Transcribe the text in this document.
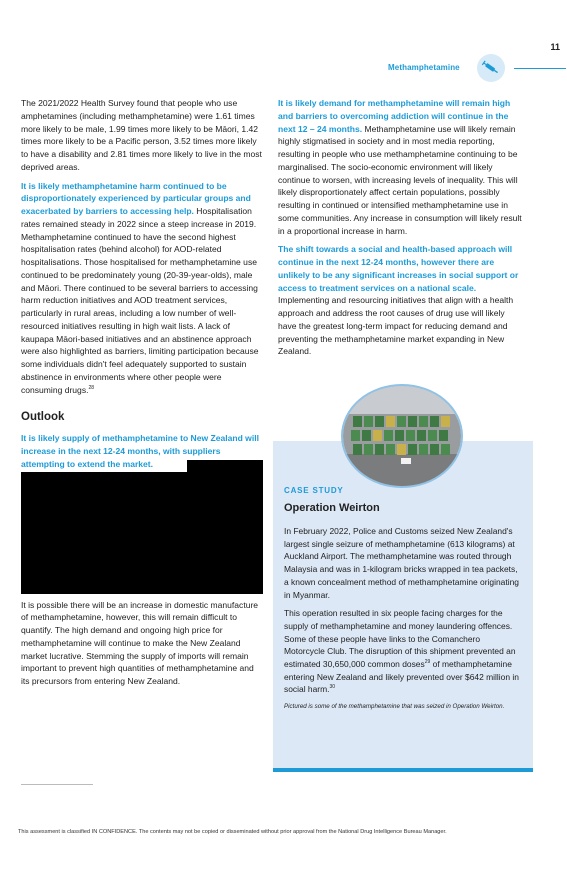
11
Methamphetamine

The 2021/2022 Health Survey found that people who use amphetamines (including methamphetamine) were 1.61 times more likely to be male, 1.99 times more likely to be Māori, 1.42 times more likely to be a Pacific person, 3.52 times more likely to have a disability and 2.81 times more likely to live in the most deprived areas.

It is likely methamphetamine harm continued to be disproportionately experienced by particular groups and exacerbated by barriers to accessing help. Hospitalisation rates remained steady in 2022 since a steep increase in 2019. Methamphetamine continued to have the second highest hospitalisation rates (behind alcohol) for AOD-related hospitalisations. Those hospitalised for methamphetamine use continued to be predominately young (20-39-year-olds), male and Māori. There continued to be several barriers to accessing harm reduction initiatives and AOD treatment services, particularly in rural areas, including a low number of well-resourced initiatives resulting in high wait lists. A lack of kaupapa Māori-based initiatives and an abstinence approach were also highlighted as barriers, limiting participation because some individuals didn't feel adequately supported to sustain abstinence in environments where other people were consuming drugs.$^{28}$

Outlook

It is likely supply of methamphetamine to New Zealand will increase in the next 12-24 months, with suppliers attempting to extend the market.

It is possible there will be an increase in domestic manufacture of methamphetamine, however, this will remain difficult to quantify. The high demand and ongoing high price for methamphetamine will continue to make the New Zealand market lucrative. Stemming the supply of imports will remain important to prevent high quantities of methamphetamine and its precursors from entering New Zealand.

It is likely demand for methamphetamine will remain high and barriers to overcoming addiction will continue in the next 12 – 24 months. Methamphetamine use will likely remain highly stigmatised in society and in most media reporting, resulting in people who use methamphetamine continuing to be marginalised. The socio-economic environment will likely continue to worsen, with increasing levels of inequality. This will likely disproportionately affect certain populations, possibly resulting in continued or intensified methamphetamine use in some communities. Any increase in consumption will likely result in a proportional increase in harm.

The shift towards a social and health-based approach will continue in the next 12-24 months, however there are unlikely to be any significant increases in social support or access to treatment services on a national scale. Implementing and resourcing initiatives that align with a health approach and address the root causes of drug use will likely have the greatest long-term impact for reducing demand and preventing the methamphetamine market expanding in New Zealand.

CASE STUDY
Operation Weirton

In February 2022, Police and Customs seized New Zealand's largest single seizure of methamphetamine (613 kilograms) at Auckland Airport. The methamphetamine was routed through Malaysia and was in 1-kilogram bricks wrapped in tea packets, a known concealment method of methamphetamine originating in Myanmar.

This operation resulted in six people facing charges for the supply of methamphetamine and money laundering offences. Some of these people have links to the Comanchero Motorcycle Club. The disruption of this shipment prevented an estimated 30,650,000 common doses$^{29}$ of methamphetamine entering New Zealand and likely prevented over $642 million in social harm.$^{30}$

Pictured is some of the methamphetamine that was seized in Operation Weirton.

This assessment is classified IN CONFIDENCE. The contents may not be copied or disseminated without prior approval from the National Drug Intelligence Bureau Manager.
